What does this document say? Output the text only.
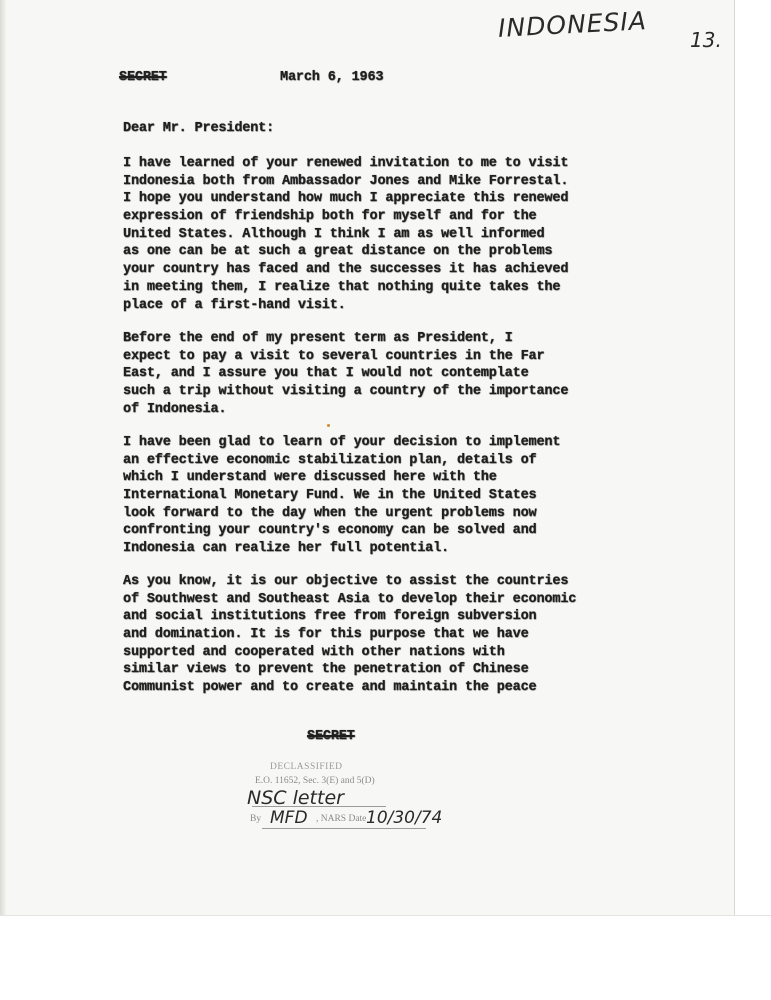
INDONESIA 13.
SECRET	March 6, 1963
Dear Mr. President:
I have learned of your renewed invitation to me to visit
Indonesia both from Ambassador Jones and Mike Forrestal.
I hope you understand how much I appreciate this renewed
expression of friendship both for myself and for the
United States. Although I think I am as well informed
as one can be at such a great distance on the problems
your country has faced and the successes it has achieved
in meeting them, I realize that nothing quite takes the
place of a first-hand visit.
Before the end of my present term as President, I
expect to pay a visit to several countries in the Far
East, and I assure you that I would not contemplate
such a trip without visiting a country of the importance
of Indonesia.
I have been glad to learn of your decision to implement
an effective economic stabilization plan, details of
which I understand were discussed here with the
International Monetary Fund. We in the United States
look forward to the day when the urgent problems now
confronting your country's economy can be solved and
Indonesia can realize her full potential.
As you know, it is our objective to assist the countries
of Southwest and Southeast Asia to develop their economic
and social institutions free from foreign subversion
and domination. It is for this purpose that we have
supported and cooperated with other nations with
similar views to prevent the penetration of Chinese
Communist power and to create and maintain the peace
SECRET
DECLASSIFIED
E.O. 11652, Sec. 3(E) and 5(D)
NSC letter
By MFD , NARS Date 10/30/74
